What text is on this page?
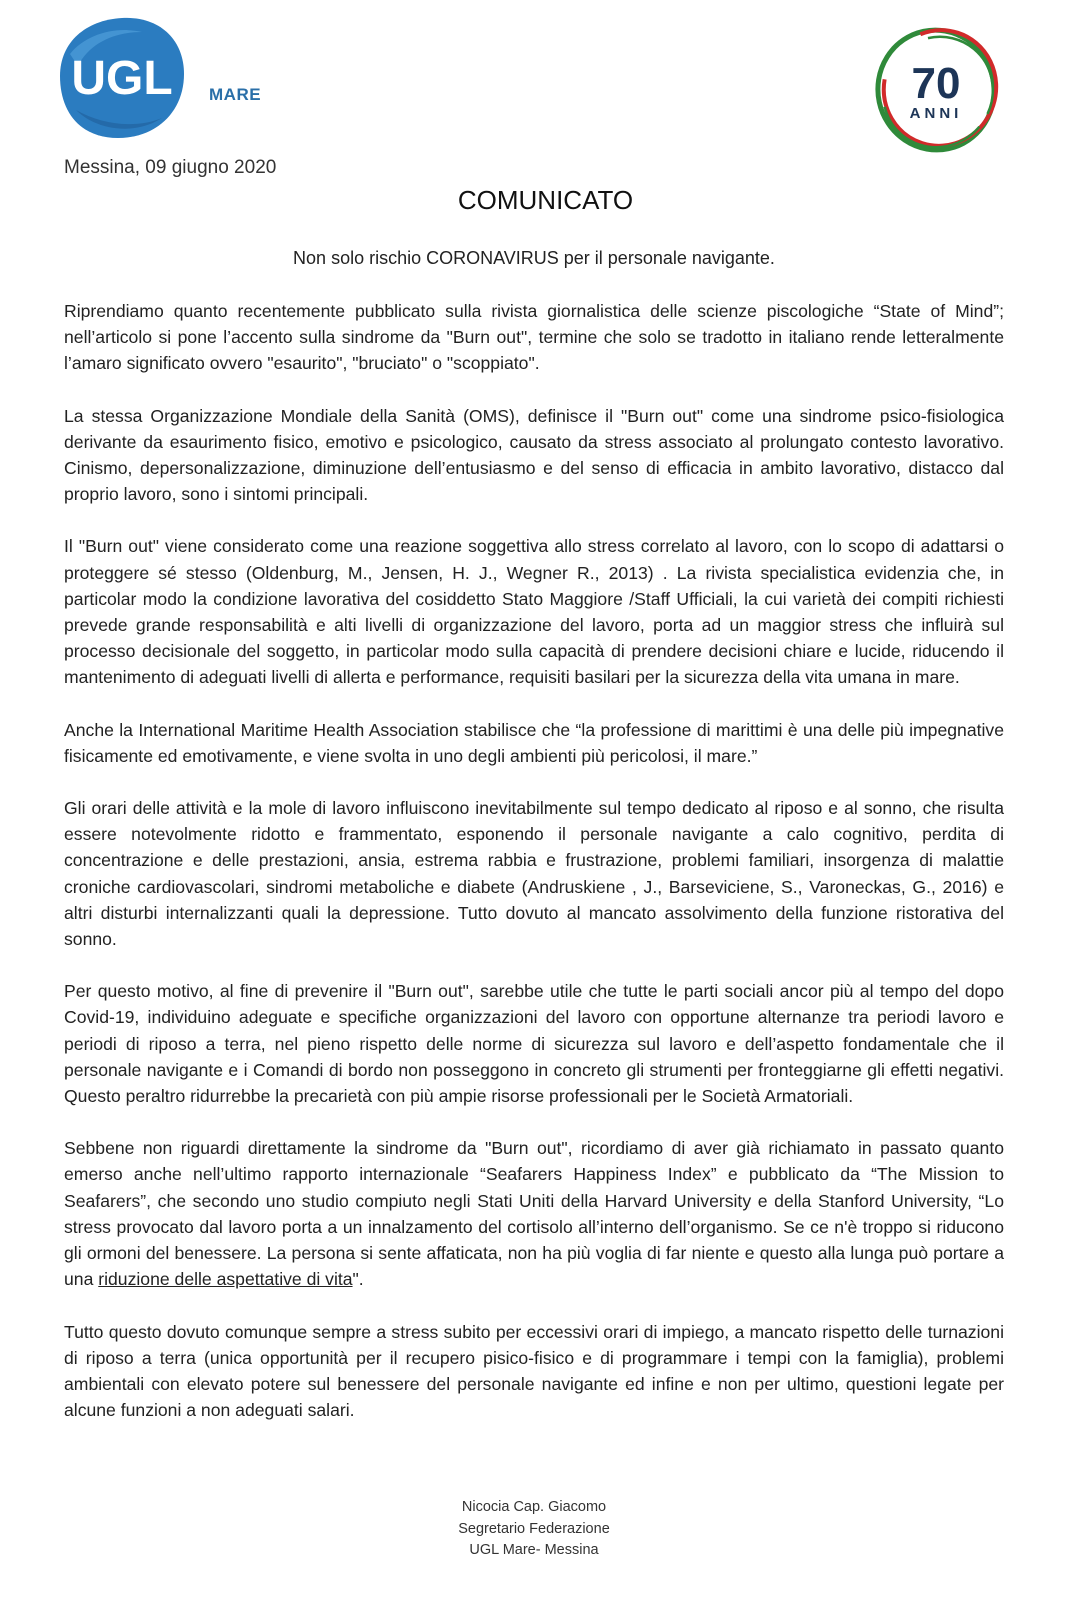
UGL MARE	70
ANNI
Messina, 09 giugno 2020
COMUNICATO
Non solo rischio CORONAVIRUS per il personale navigante.

Riprendiamo quanto recentemente pubblicato sulla rivista giornalistica delle scienze piscologiche “State of Mind”; nell’articolo si pone l’accento sulla sindrome da "Burn out", termine che solo se tradotto in italiano rende letteralmente l’amaro significato ovvero "esaurito", "bruciato" o "scoppiato".

La stessa Organizzazione Mondiale della Sanità (OMS), definisce il "Burn out" come una sindrome psico-fisiologica derivante da esaurimento fisico, emotivo e psicologico, causato da stress associato al prolungato contesto lavorativo. Cinismo, depersonalizzazione, diminuzione dell’entusiasmo e del senso di efficacia in ambito lavorativo, distacco dal proprio lavoro, sono i sintomi principali.

Il "Burn out" viene considerato come una reazione soggettiva allo stress correlato al lavoro, con lo scopo di adattarsi o proteggere sé stesso (Oldenburg, M., Jensen, H. J., Wegner R., 2013) . La rivista specialistica evidenzia che, in particolar modo la condizione lavorativa del cosiddetto Stato Maggiore /Staff Ufficiali, la cui varietà dei compiti richiesti prevede grande responsabilità e alti livelli di organizzazione del lavoro, porta ad un maggior stress che influirà sul processo decisionale del soggetto, in particolar modo sulla capacità di prendere decisioni chiare e lucide, riducendo il mantenimento di adeguati livelli di allerta e performance, requisiti basilari per la sicurezza della vita umana in mare.

Anche la International Maritime Health Association stabilisce che “la professione di marittimi è una delle più impegnative fisicamente ed emotivamente, e viene svolta in uno degli ambienti più pericolosi, il mare.”

Gli orari delle attività e la mole di lavoro influiscono inevitabilmente sul tempo dedicato al riposo e al sonno, che risulta essere notevolmente ridotto e frammentato, esponendo il personale navigante a calo cognitivo, perdita di concentrazione e delle prestazioni, ansia, estrema rabbia e frustrazione, problemi familiari, insorgenza di malattie croniche cardiovascolari, sindromi metaboliche e diabete (Andruskiene , J., Barseviciene, S., Varoneckas, G., 2016) e altri disturbi internalizzanti quali la depressione. Tutto dovuto al mancato assolvimento della funzione ristorativa del sonno.

Per questo motivo, al fine di prevenire il "Burn out", sarebbe utile che tutte le parti sociali ancor più al tempo del dopo Covid-19, individuino adeguate e specifiche organizzazioni del lavoro con opportune alternanze tra periodi lavoro e periodi di riposo a terra, nel pieno rispetto delle norme di sicurezza sul lavoro e dell’aspetto fondamentale che il personale navigante e i Comandi di bordo non posseggono in concreto gli strumenti per fronteggiarne gli effetti negativi. Questo peraltro ridurrebbe la precarietà con più ampie risorse professionali per le Società Armatoriali.

Sebbene non riguardi direttamente la sindrome da "Burn out", ricordiamo di aver già richiamato in passato quanto emerso anche nell’ultimo rapporto internazionale “Seafarers Happiness Index” e pubblicato da “The Mission to Seafarers”, che secondo uno studio compiuto negli Stati Uniti della Harvard University e della Stanford University, “Lo stress provocato dal lavoro porta a un innalzamento del cortisolo all’interno dell’organismo. Se ce n'è troppo si riducono gli ormoni del benessere. La persona si sente affaticata, non ha più voglia di far niente e questo alla lunga può portare a una riduzione delle aspettative di vita".

Tutto questo dovuto comunque sempre a stress subito per eccessivi orari di impiego, a mancato rispetto delle turnazioni di riposo a terra (unica opportunità per il recupero pisico-fisico e di programmare i tempi con la famiglia), problemi ambientali con elevato potere sul benessere del personale navigante ed infine e non per ultimo, questioni legate per alcune funzioni a non adeguati salari.

Nicocia Cap. Giacomo
Segretario Federazione
UGL Mare- Messina
